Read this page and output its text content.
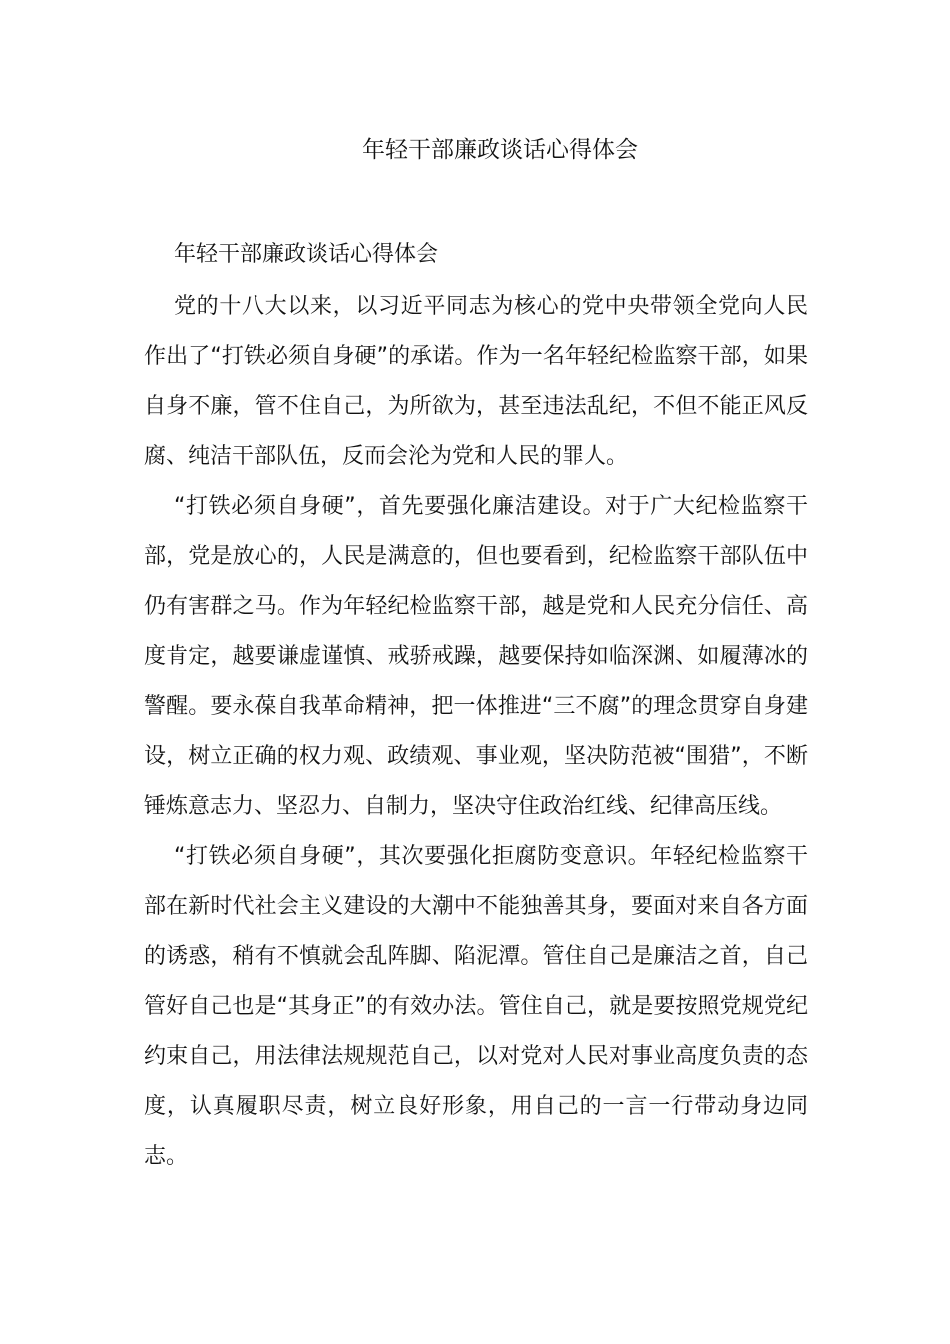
年轻干部廉政谈话心得体会

年轻干部廉政谈话心得体会

党的十八大以来，以习近平同志为核心的党中央带领全党向人民作出了“打铁必须自身硬”的承诺。作为一名年轻纪检监察干部，如果自身不廉，管不住自己，为所欲为，甚至违法乱纪，不但不能正风反腐、纯洁干部队伍，反而会沦为党和人民的罪人。

“打铁必须自身硬”，首先要强化廉洁建设。对于广大纪检监察干部，党是放心的，人民是满意的，但也要看到，纪检监察干部队伍中仍有害群之马。作为年轻纪检监察干部，越是党和人民充分信任、高度肯定，越要谦虚谨慎、戒骄戒躁，越要保持如临深渊、如履薄冰的警醒。要永葆自我革命精神，把一体推进“三不腐”的理念贯穿自身建设，树立正确的权力观、政绩观、事业观，坚决防范被“围猎”，不断锤炼意志力、坚忍力、自制力，坚决守住政治红线、纪律高压线。

“打铁必须自身硬”，其次要强化拒腐防变意识。年轻纪检监察干部在新时代社会主义建设的大潮中不能独善其身，要面对来自各方面的诱惑，稍有不慎就会乱阵脚、陷泥潭。管住自己是廉洁之首，自己管好自己也是“其身正”的有效办法。管住自己，就是要按照党规党纪约束自己，用法律法规规范自己，以对党对人民对事业高度负责的态度，认真履职尽责，树立良好形象，用自己的一言一行带动身边同志。
